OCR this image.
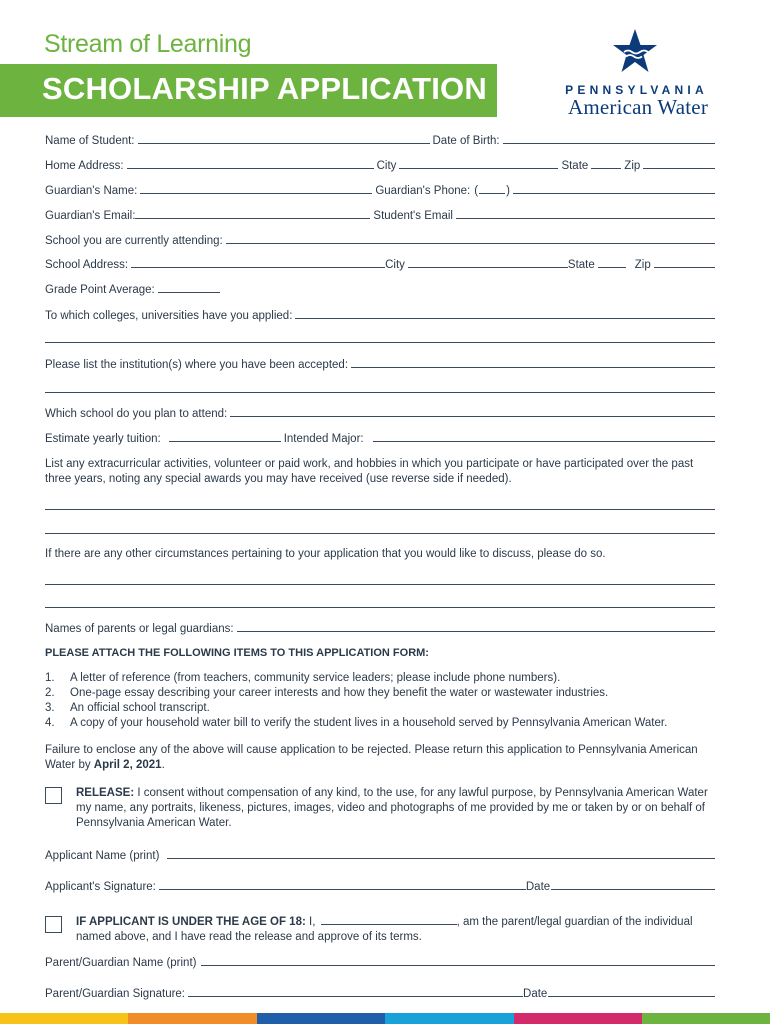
Stream of Learning
SCHOLARSHIP APPLICATION	PENNSYLVANIA
American Water
Name of Student:	Date of Birth:
Home Address:	City	State	Zip
Guardian's Name:	Guardian's Phone: ( )
Guardian's Email:	Student's Email
School you are currently attending:
School Address:	City	State	Zip
Grade Point Average:
To which colleges, universities have you applied:
Please list the institution(s) where you have been accepted:
Which school do you plan to attend:
Estimate yearly tuition:	Intended Major:
List any extracurricular activities, volunteer or paid work, and hobbies in which you participate or have participated over the past three years, noting any special awards you may have received (use reverse side if needed).
If there are any other circumstances pertaining to your application that you would like to discuss, please do so.
Names of parents or legal guardians:
PLEASE ATTACH THE FOLLOWING ITEMS TO THIS APPLICATION FORM:
1.	A letter of reference (from teachers, community service leaders; please include phone numbers).
2.	One-page essay describing your career interests and how they benefit the water or wastewater industries.
3.	An official school transcript.
4.	A copy of your household water bill to verify the student lives in a household served by Pennsylvania American Water.
Failure to enclose any of the above will cause application to be rejected. Please return this application to Pennsylvania American Water by April 2, 2021.
RELEASE: I consent without compensation of any kind, to the use, for any lawful purpose, by Pennsylvania American Water my name, any portraits, likeness, pictures, images, video and photographs of me provided by me or taken by or on behalf of Pennsylvania American Water.
Applicant Name (print)
Applicant's Signature:	Date
IF APPLICANT IS UNDER THE AGE OF 18: I,	, am the parent/legal guardian of the individual named above, and I have read the release and approve of its terms.
Parent/Guardian Name (print)
Parent/Guardian Signature:	Date
